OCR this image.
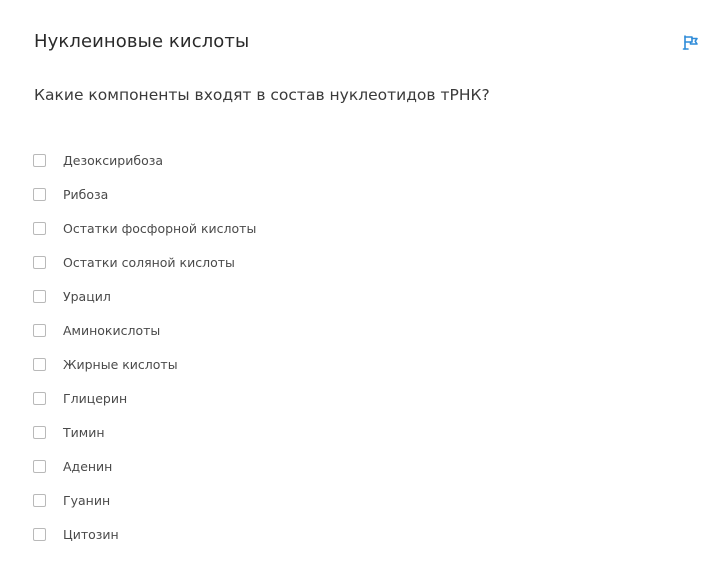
Нуклеиновые кислоты
Какие компоненты входят в состав нуклеотидов тРНК?
Дезоксирибоза
Рибоза
Остатки фосфорной кислоты
Остатки соляной кислоты
Урацил
Аминокислоты
Жирные кислоты
Глицерин
Тимин
Аденин
Гуанин
Цитозин
